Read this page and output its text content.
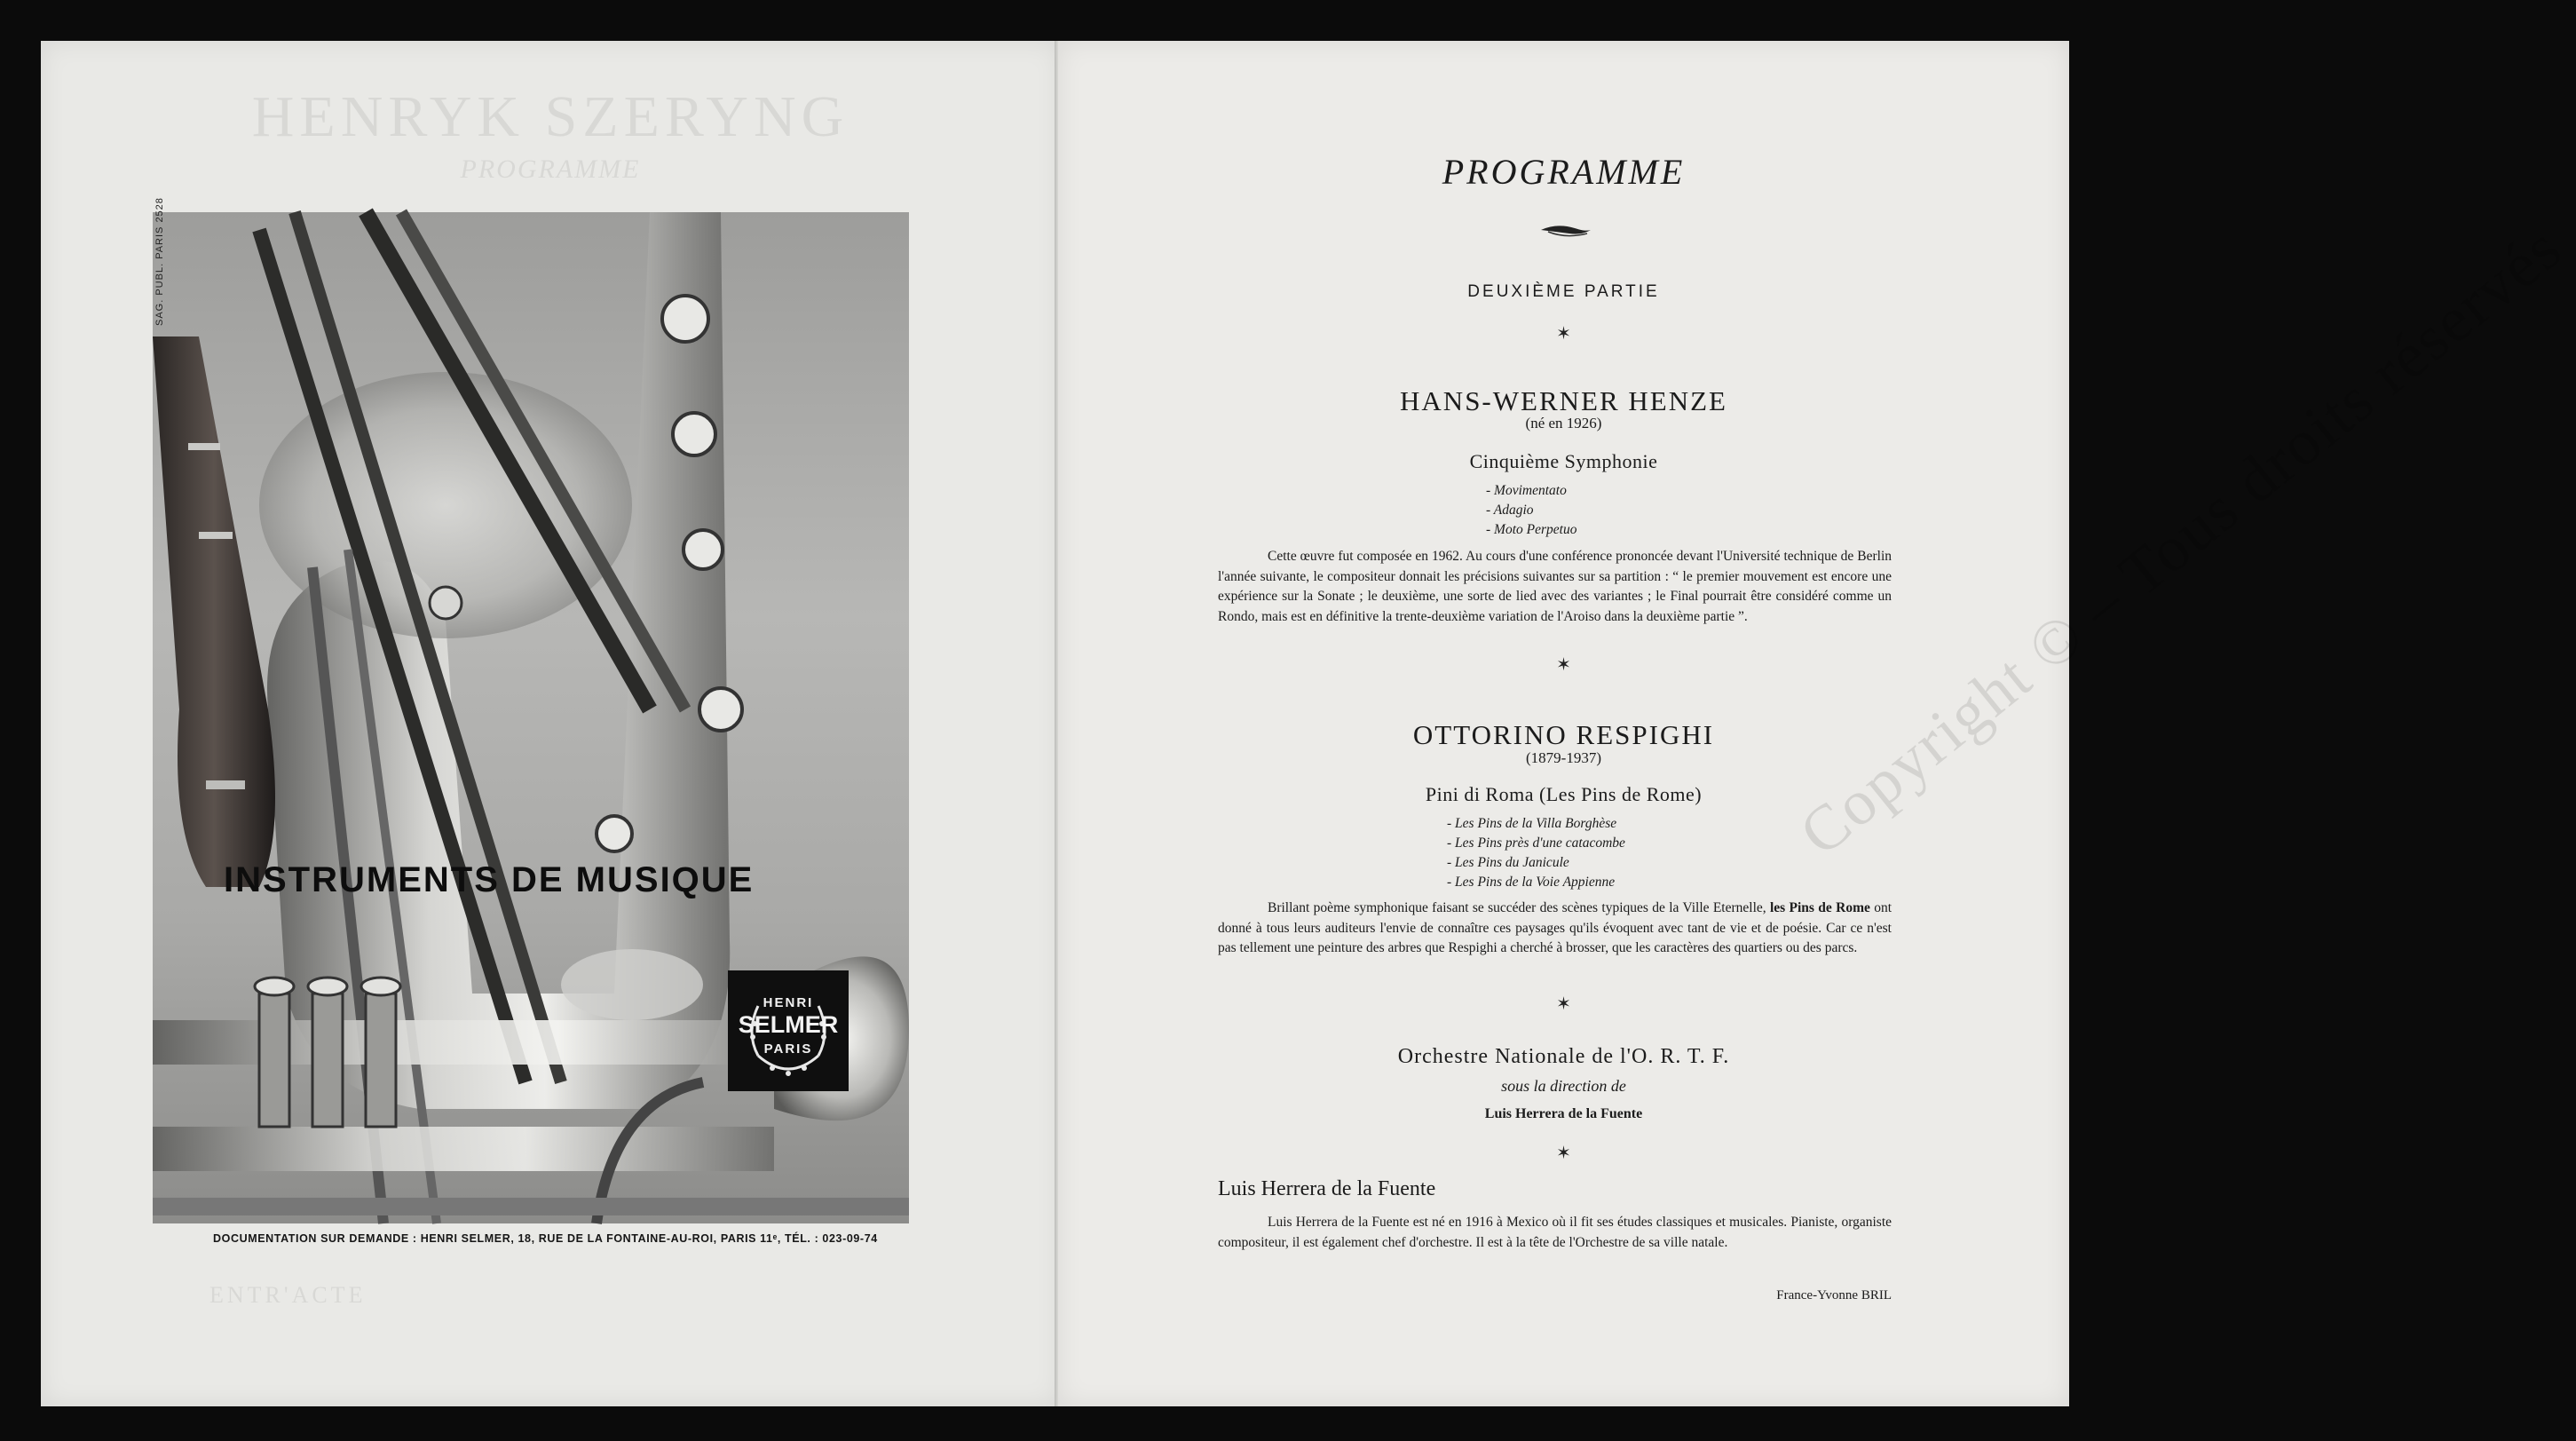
HENRYK SZERYNG
PROGRAMME
ENTR'ACTE
SAG. PUBL. PARIS 2528
INSTRUMENTS DE MUSIQUE
HENRI
SELMER
PARIS
DOCUMENTATION SUR DEMANDE : HENRI SELMER, 18, RUE DE LA FONTAINE-AU-ROI, PARIS 11ᵉ, TÉL. : 023-09-74
PROGRAMME
DEUXIÈME PARTIE
✶
HANS-WERNER HENZE
(né en 1926)
Cinquième Symphonie
- Movimentato
- Adagio
- Moto Perpetuo
Cette œuvre fut composée en 1962. Au cours d'une conférence prononcée devant l'Université technique de Berlin l'année suivante, le compositeur donnait les précisions suivantes sur sa partition : “ le premier mouvement est encore une expérience sur la Sonate ; le deuxième, une sorte de lied avec des variantes ; le Final pourrait être considéré comme un Rondo, mais est en définitive la trente-deuxième variation de l'Aroiso dans la deuxième partie ”.
✶
OTTORINO RESPIGHI
(1879-1937)
Pini di Roma (Les Pins de Rome)
- Les Pins de la Villa Borghèse
- Les Pins près d'une catacombe
- Les Pins du Janicule
- Les Pins de la Voie Appienne
Brillant poème symphonique faisant se succéder des scènes typiques de la Ville Eternelle, les Pins de Rome ont donné à tous leurs auditeurs l'envie de connaître ces paysages qu'ils évoquent avec tant de vie et de poésie. Car ce n'est pas tellement une peinture des arbres que Respighi a cherché à brosser, que les caractères des quartiers ou des parcs.
✶
Orchestre Nationale de l'O. R. T. F.
sous la direction de
Luis Herrera de la Fuente
✶
Luis Herrera de la Fuente
Luis Herrera de la Fuente est né en 1916 à Mexico où il fit ses études classiques et musicales. Pianiste, organiste compositeur, il est également chef d'orchestre. Il est à la tête de l'Orchestre de sa ville natale.
France-Yvonne BRIL
Copyright © – Tous droits réservés
